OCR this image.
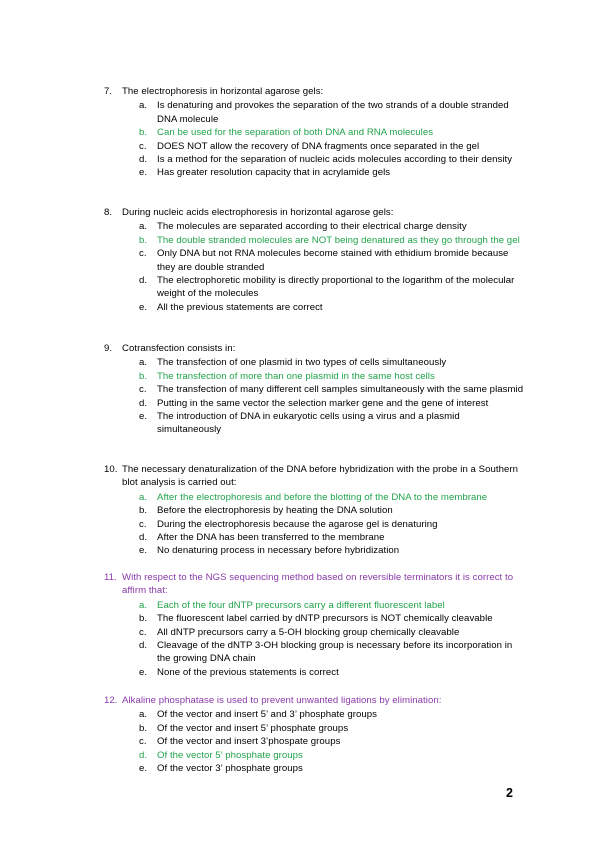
7. The electrophoresis in horizontal agarose gels:
a. Is denaturing and provokes the separation of the two strands of a double stranded DNA molecule
b. Can be used for the separation of both DNA and RNA molecules
c. DOES NOT allow the recovery of DNA fragments once separated in the gel
d. Is a method for the separation of nucleic acids molecules according to their density
e. Has greater resolution capacity that in acrylamide gels
8. During nucleic acids electrophoresis in horizontal agarose gels:
a. The molecules are separated according to their electrical charge density
b. The double stranded molecules are NOT being denatured as they go through the gel
c. Only DNA but not RNA molecules become stained with ethidium bromide because they are double stranded
d. The electrophoretic mobility is directly proportional to the logarithm of the molecular weight of the molecules
e. All the previous statements are correct
9. Cotransfection consists in:
a. The transfection of one plasmid in two types of cells simultaneously
b. The transfection of more than one plasmid in the same host cells
c. The transfection of many different cell samples simultaneously with the same plasmid
d. Putting in the same vector the selection marker gene and the gene of interest
e. The introduction of DNA in eukaryotic cells using a virus and a plasmid simultaneously
10. The necessary denaturalization of the DNA before hybridization with the probe in a Southern blot analysis is carried out:
a. After the electrophoresis and before the blotting of the DNA to the membrane
b. Before the electrophoresis by heating the DNA solution
c. During the electrophoresis because the agarose gel is denaturing
d. After the DNA has been transferred to the membrane
e. No denaturing process in necessary before hybridization
11. With respect to the NGS sequencing method based on reversible terminators it is correct to affirm that:
a. Each of the four dNTP precursors carry a different fluorescent label
b. The fluorescent label carried by dNTP precursors is NOT chemically cleavable
c. All dNTP precursors carry a 5-OH blocking group chemically cleavable
d. Cleavage of the dNTP 3-OH blocking group is necessary before its incorporation in the growing DNA chain
e. None of the previous statements is correct
12. Alkaline phosphatase is used to prevent unwanted ligations by elimination:
a. Of the vector and insert 5’ and 3’ phosphate groups
b. Of the vector and insert 5’ phosphate groups
c. Of the vector and insert 3’phospate groups
d. Of the vector 5’ phosphate groups
e. Of the vector 3’ phosphate groups
2
